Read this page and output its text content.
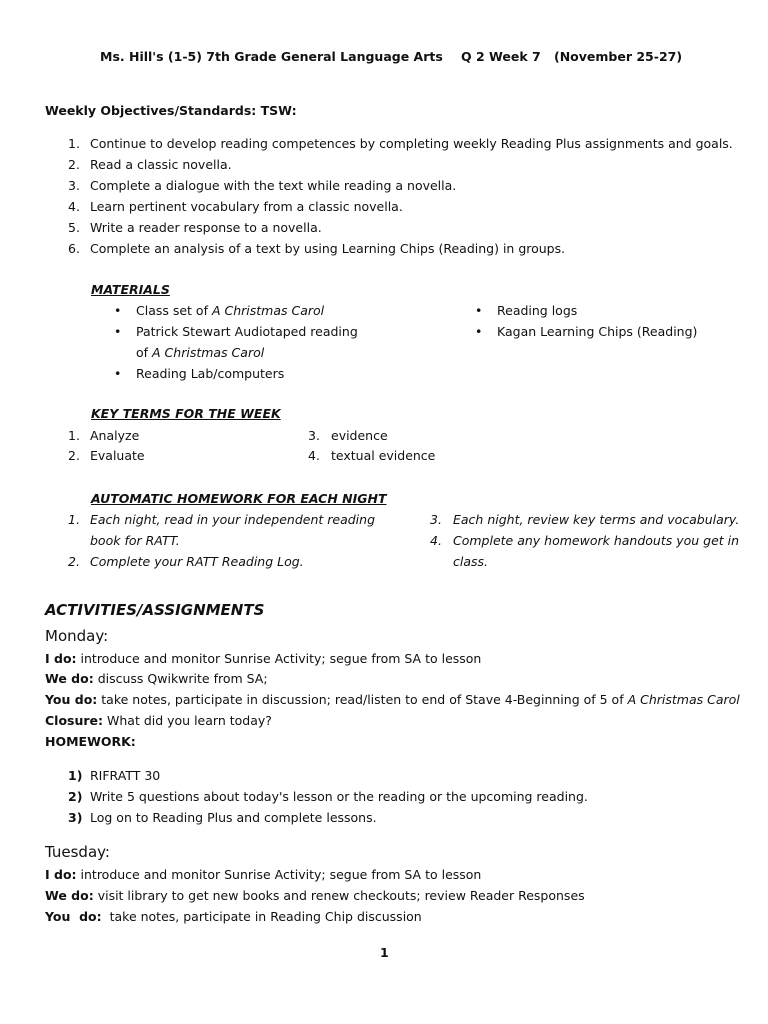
Ms. Hill's (1-5) 7th Grade General Language Arts Q 2 Week 7 (November 25-27)
Weekly Objectives/Standards: TSW:
1. Continue to develop reading competences by completing weekly Reading Plus assignments and goals.
2. Read a classic novella.
3. Complete a dialogue with the text while reading a novella.
4. Learn pertinent vocabulary from a classic novella.
5. Write a reader response to a novella.
6. Complete an analysis of a text by using Learning Chips (Reading) in groups.
MATERIALS
• Class set of A Christmas Carol
• Patrick Stewart Audiotaped reading
of A Christmas Carol
• Reading Lab/computers
• Reading logs
• Kagan Learning Chips (Reading)
KEY TERMS FOR THE WEEK
1. Analyze
2. Evaluate
3. evidence
4. textual evidence
AUTOMATIC HOMEWORK FOR EACH NIGHT
1. Each night, read in your independent reading
book for RATT.
2. Complete your RATT Reading Log.
3. Each night, review key terms and vocabulary.
4. Complete any homework handouts you get in
class.
ACTIVITIES/ASSIGNMENTS
Monday:
I do: introduce and monitor Sunrise Activity; segue from SA to lesson
We do: discuss Qwikwrite from SA;
You do: take notes, participate in discussion; read/listen to end of Stave 4-Beginning of 5 of A Christmas Carol
Closure: What did you learn today?
HOMEWORK:
1) RIFRATT 30
2) Write 5 questions about today's lesson or the reading or the upcoming reading.
3) Log on to Reading Plus and complete lessons.
Tuesday:
I do: introduce and monitor Sunrise Activity; segue from SA to lesson
We do: visit library to get new books and renew checkouts; review Reader Responses
You  do:  take notes, participate in Reading Chip discussion
1
